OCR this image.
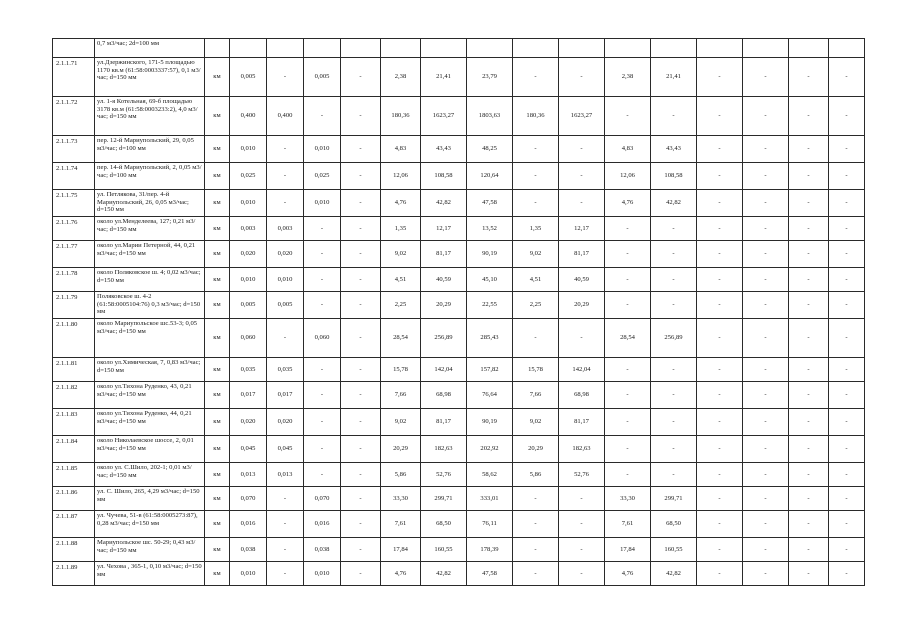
	0,7 м3/час; 2d=100 мм																
2.1.1.71	ул.Дзержинского, 171-5 площадью 1170 кв.м (61:58:0003337:57), 0,1 м3/час; d=150 мм	км	0,005	-	0,005	-	2,38	21,41	23,79	-	-	2,38	21,41	-	-	-	-
2.1.1.72	ул. 1-я Котельная, 69-б площадью 3178 кв.м (61:58:0003233:2), 4,0 м3/час; d=150 мм	км	0,400	0,400	-	-	180,36	1623,27	1803,63	180,36	1623,27	-	-	-	-	-	-
2.1.1.73	пер. 12-й Мариупольский, 29, 0,05 м3/час; d=100 мм	км	0,010	-	0,010	-	4,83	43,43	48,25	-	-	4,83	43,43	-	-	-	-
2.1.1.74	пер. 14-й Мариупольский, 2, 0,05 м3/час; d=100 мм	км	0,025	-	0,025	-	12,06	108,58	120,64	-	-	12,06	108,58	-	-	-	-
2.1.1.75	ул. Петлякова, 31/пер. 4-й Мариупольский, 26, 0,05 м3/час; d=150 мм	км	0,010	-	0,010	-	4,76	42,82	47,58	-	-	4,76	42,82	-	-	-	-
2.1.1.76	около ул.Менделеева, 127; 0,21 м3/час; d=150 мм	км	0,003	0,003	-	-	1,35	12,17	13,52	1,35	12,17	-	-	-	-	-	-
2.1.1.77	около ул.Марии Петерной, 44, 0,21 м3/час; d=150 мм	км	0,020	0,020	-	-	9,02	81,17	90,19	9,02	81,17	-	-	-	-	-	-
2.1.1.78	около Поляковское ш. 4; 0,02 м3/час; d=150 мм	км	0,010	0,010	-	-	4,51	40,59	45,10	4,51	40,59	-	-	-	-	-	-
2.1.1.79	Поляковское ш. 4-2 (61:58:0005104:76) 0,3 м3/час; d=150 мм	км	0,005	0,005	-	-	2,25	20,29	22,55	2,25	20,29	-	-	-	-	-	-
2.1.1.80	около Мариупольское шс.53-3; 0,05 м3/час; d=150 мм	км	0,060	-	0,060	-	28,54	256,89	285,43	-	-	28,54	256,89	-	-	-	-
2.1.1.81	около ул.Химическая, 7, 0,83 м3/час; d=150 мм	км	0,035	0,035	-	-	15,78	142,04	157,82	15,78	142,04	-	-	-	-	-	-
2.1.1.82	около ул.Тихона Руденко, 43, 0,21 м3/час; d=150 мм	км	0,017	0,017	-	-	7,66	68,98	76,64	7,66	68,98	-	-	-	-	-	-
2.1.1.83	около ул.Тихона Руденко, 44, 0,21 м3/час; d=150 мм	км	0,020	0,020	-	-	9,02	81,17	90,19	9,02	81,17	-	-	-	-	-	-
2.1.1.84	около Николаевское шоссе, 2, 0,01 м3/час; d=150 мм	км	0,045	0,045	-	-	20,29	182,63	202,92	20,29	182,63	-	-	-	-	-	-
2.1.1.85	около ул. С.Шило, 202-1; 0,01 м3/час; d=150 мм	км	0,013	0,013	-	-	5,86	52,76	58,62	5,86	52,76	-	-	-	-	-	-
2.1.1.86	ул. С. Шило, 265, 4,29 м3/час; d=150 мм	км	0,070	-	0,070	-	33,30	299,71	333,01	-	-	33,30	299,71	-	-	-	-
2.1.1.87	ул. Чучева, 51-в (61:58:0005273:87), 0,28 м3/час; d=150 мм	км	0,016	-	0,016	-	7,61	68,50	76,11	-	-	7,61	68,50	-	-	-	-
2.1.1.88	Мариупольское шс. 50-29; 0,43 м3/час; d=150 мм	км	0,038	-	0,038	-	17,84	160,55	178,39	-	-	17,84	160,55	-	-	-	-
2.1.1.89	ул. Чехова , 365-1, 0,10 м3/час; d=150 мм	км	0,010	-	0,010	-	4,76	42,82	47,58	-	-	4,76	42,82	-	-	-	-
